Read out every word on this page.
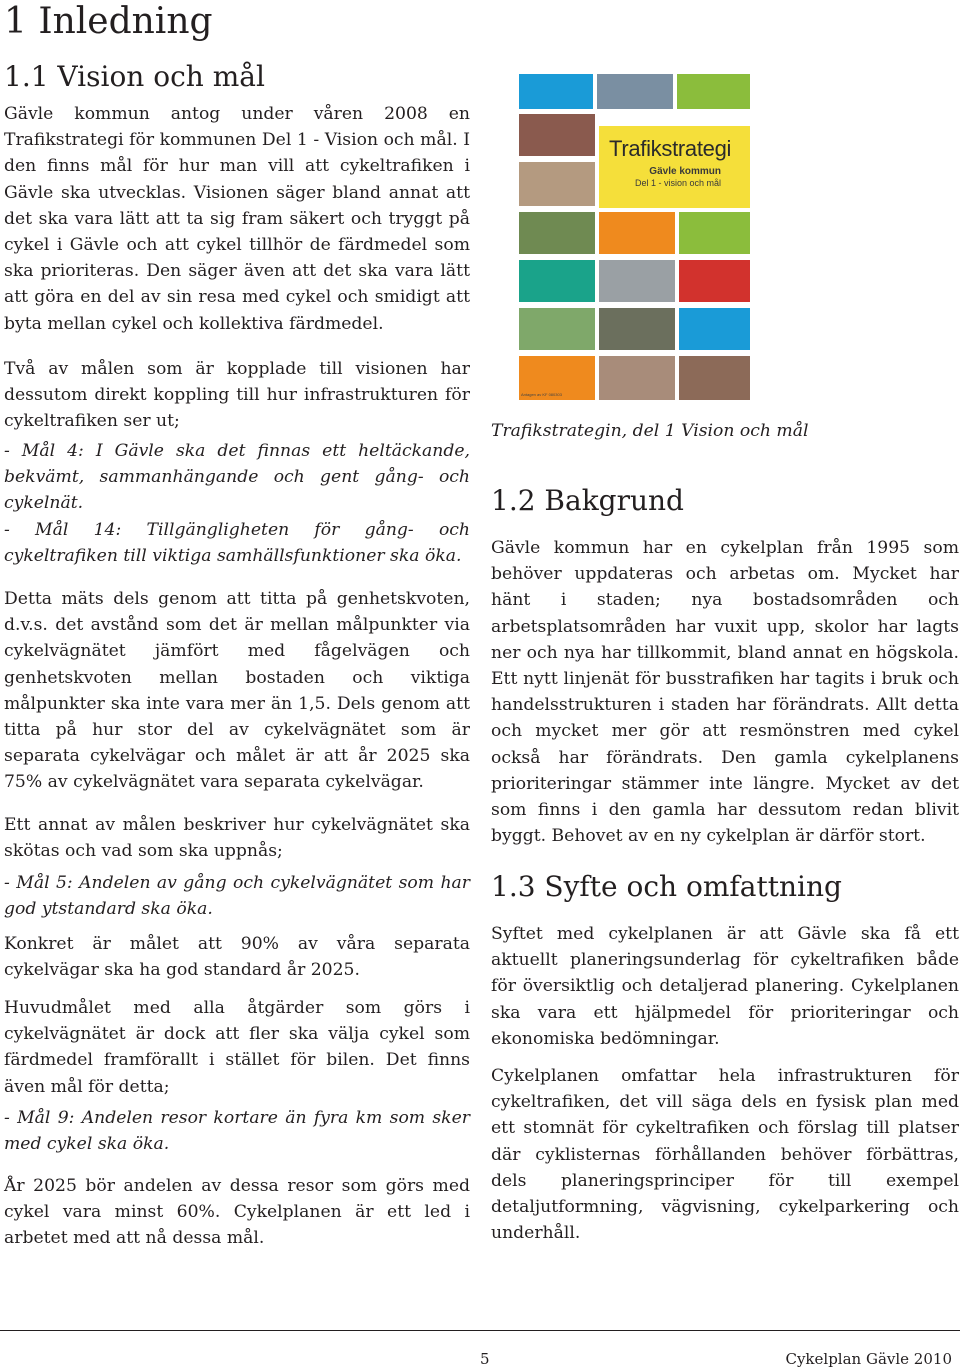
1 Inledning
1.1 Vision och mål

Gävle kommun antog under våren 2008 en Trafikstrategi för kommunen Del 1 - Vision och mål. I den finns mål för hur man vill att cykeltrafiken i Gävle ska utvecklas. Visionen säger bland annat att det ska vara lätt att ta sig fram säkert och tryggt på cykel i Gävle och att cykel tillhör de färdmedel som ska prioriteras. Den säger även att det ska vara lätt att göra en del av sin resa med cykel och smidigt att byta mellan cykel och kollektiva färdmedel.

Två av målen som är kopplade till visionen har dessutom direkt koppling till hur infrastrukturen för cykeltrafiken ser ut;

- Mål 4: I Gävle ska det finnas ett heltäckande, bekvämt, sammanhängande och gent gång- och cykelnät.

- Mål 14: Tillgängligheten för gång- och cykeltrafiken till viktiga samhällsfunktioner ska öka.

Detta mäts dels genom att titta på genhetskvoten, d.v.s. det avstånd som det är mellan målpunkter via cykelvägnätet jämfört med fågelvägen och genhetskvoten mellan bostaden och viktiga målpunkter ska inte vara mer än 1,5. Dels genom att titta på hur stor del av cykelvägnätet som är separata cykelvägar och målet är att år 2025 ska 75% av cykelvägnätet vara separata cykelvägar.

Ett annat av målen beskriver hur cykelvägnätet ska skötas och vad som ska uppnås;

- Mål 5: Andelen av gång och cykelvägnätet som har god ytstandard ska öka.

Konkret är målet att 90% av våra separata cykelvägar ska ha god standard år 2025.

Huvudmålet med alla åtgärder som görs i cykelvägnätet är dock att fler ska välja cykel som färdmedel framförallt i stället för bilen. Det finns även mål för detta;

- Mål 9: Andelen resor kortare än fyra km som sker med cykel ska öka.

År 2025 bör andelen av dessa resor som görs med cykel vara minst 60%. Cykelplanen är ett led i arbetet med att nå dessa mål.

Trafikstrategi
Gävle kommun
Del 1 - vision och mål
Antagen av KF 080303
Trafikstrategin, del 1 Vision och mål
1.2 Bakgrund

Gävle kommun har en cykelplan från 1995 som behöver uppdateras och arbetas om. Mycket har hänt i staden; nya bostadsområden och arbetsplatsområden har vuxit upp, skolor har lagts ner och nya har tillkommit, bland annat en högskola. Ett nytt linjenät för busstrafiken har tagits i bruk och handelsstrukturen i staden har förändrats. Allt detta och mycket mer gör att resmönstren med cykel också har förändrats. Den gamla cykelplanens prioriteringar stämmer inte längre. Mycket av det som finns i den gamla har dessutom redan blivit byggt. Behovet av en ny cykelplan är därför stort.

1.3 Syfte och omfattning

Syftet med cykelplanen är att Gävle ska få ett aktuellt planeringsunderlag för cykeltrafiken både för översiktlig och detaljerad planering. Cykelplanen ska vara ett hjälpmedel för prioriteringar och ekonomiska bedömningar.

Cykelplanen omfattar hela infrastrukturen för cykeltrafiken, det vill säga dels en fysisk plan med ett stomnät för cykeltrafiken och förslag till platser där cyklisternas förhållanden behöver förbättras, dels planeringsprinciper för till exempel detaljutformning, vägvisning, cykelparkering och underhåll.

5	Cykelplan Gävle 2010
